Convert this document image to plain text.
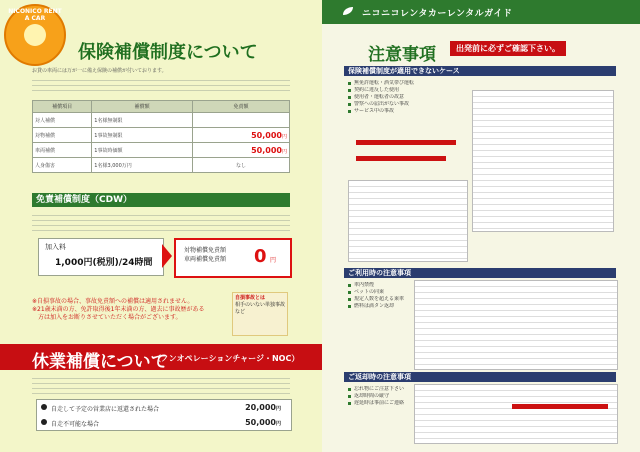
NICONICO RENT A CAR
保険補償制度について
お貸の車両には万が一に備え保険の補償が付いております。
補償項目	補償額	免責額
対人補償	1名様無制限	
対物補償	1事故無制限	50,000円
車両補償	1事故時価額	50,000円
人身傷害	1名様3,000万円	なし
免責補償制度（CDW）
加入料
1,000円(税別)/24時間
対物補償免責額
車両補償免責額 0 円
※自損事故の場合、事故免責額への補償は適用されません。
※21歳未満の方、免許取得後1年未満の方、過去に事故歴がある
　方は加入をお断りさせていただく場合がございます。
自損事故とは
相手のいない単独事故など
休業補償について
（ノンオペレーションチャージ・NOC）
自走して予定の営業店に返還された場合	20,000円
自走不可能な場合	50,000円
ニコニコレンタカーレンタルガイド
注意事項	出発前に必ずご確認下さい。
保険補償制度が適用できないケース
無免許運転・酒気帯び運転
契約に違反した使用
使用者・運転者の故意
警察への届出がない事故
サービス中の事故
ご利用時の注意事項
車内禁煙
ペットの同乗
規定人数を超える乗車
燃料は満タン返却
ご返却時の注意事項
忘れ物にご注意下さい
返却時間の厳守
遅延時は事前にご連絡
